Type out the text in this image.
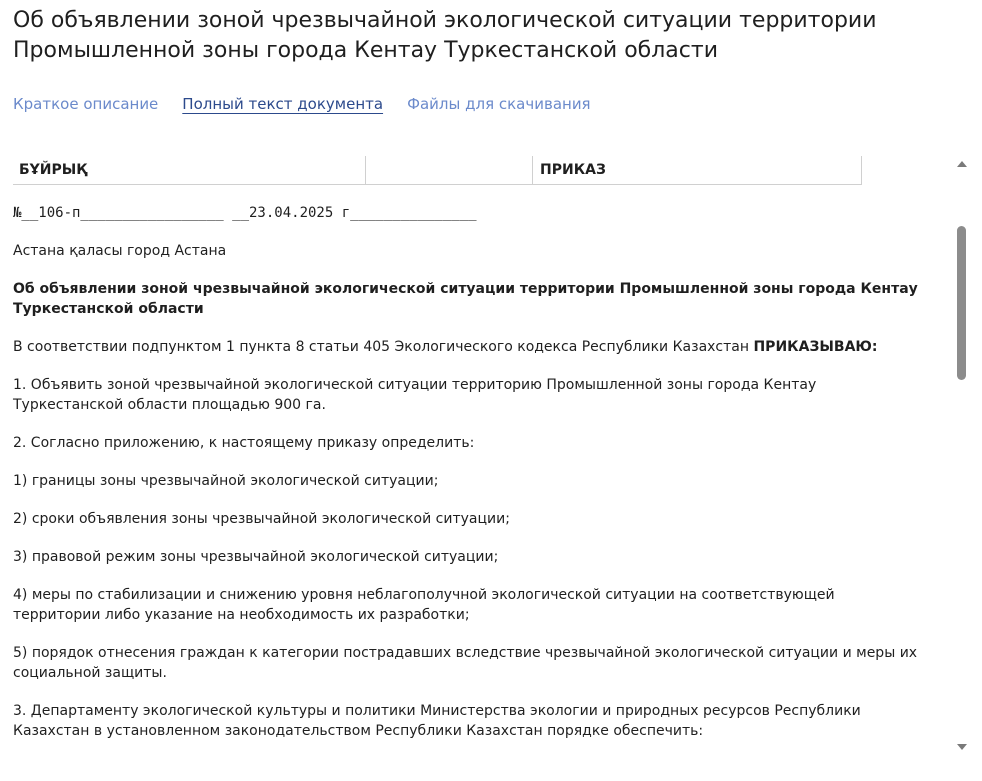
Об объявлении зоной чрезвычайной экологической ситуации территории Промышленной зоны города Кентау Туркестанской области
Краткое описание Полный текст документа Файлы для скачивания
БҰЙРЫҚ	ПРИКАЗ

№__106-п_________________ __23.04.2025 г_______________

Астана қаласы город Астана

Об объявлении зоной чрезвычайной экологической ситуации территории Промышленной зоны города Кентау Туркестанской области

В соответствии подпунктом 1 пункта 8 статьи 405 Экологического кодекса Республики Казахстан ПРИКАЗЫВАЮ:

1. Объявить зоной чрезвычайной экологической ситуации территорию Промышленной зоны города Кентау Туркестанской области площадью 900 га.

2. Согласно приложению, к настоящему приказу определить:

1) границы зоны чрезвычайной экологической ситуации;

2) сроки объявления зоны чрезвычайной экологической ситуации;

3) правовой режим зоны чрезвычайной экологической ситуации;

4) меры по стабилизации и снижению уровня неблагополучной экологической ситуации на соответствующей территории либо указание на необходимость их разработки;

5) порядок отнесения граждан к категории пострадавших вследствие чрезвычайной экологической ситуации и меры их социальной защиты.

3. Департаменту экологической культуры и политики Министерства экологии и природных ресурсов Республики Казахстан в установленном законодательством Республики Казахстан порядке обеспечить:
